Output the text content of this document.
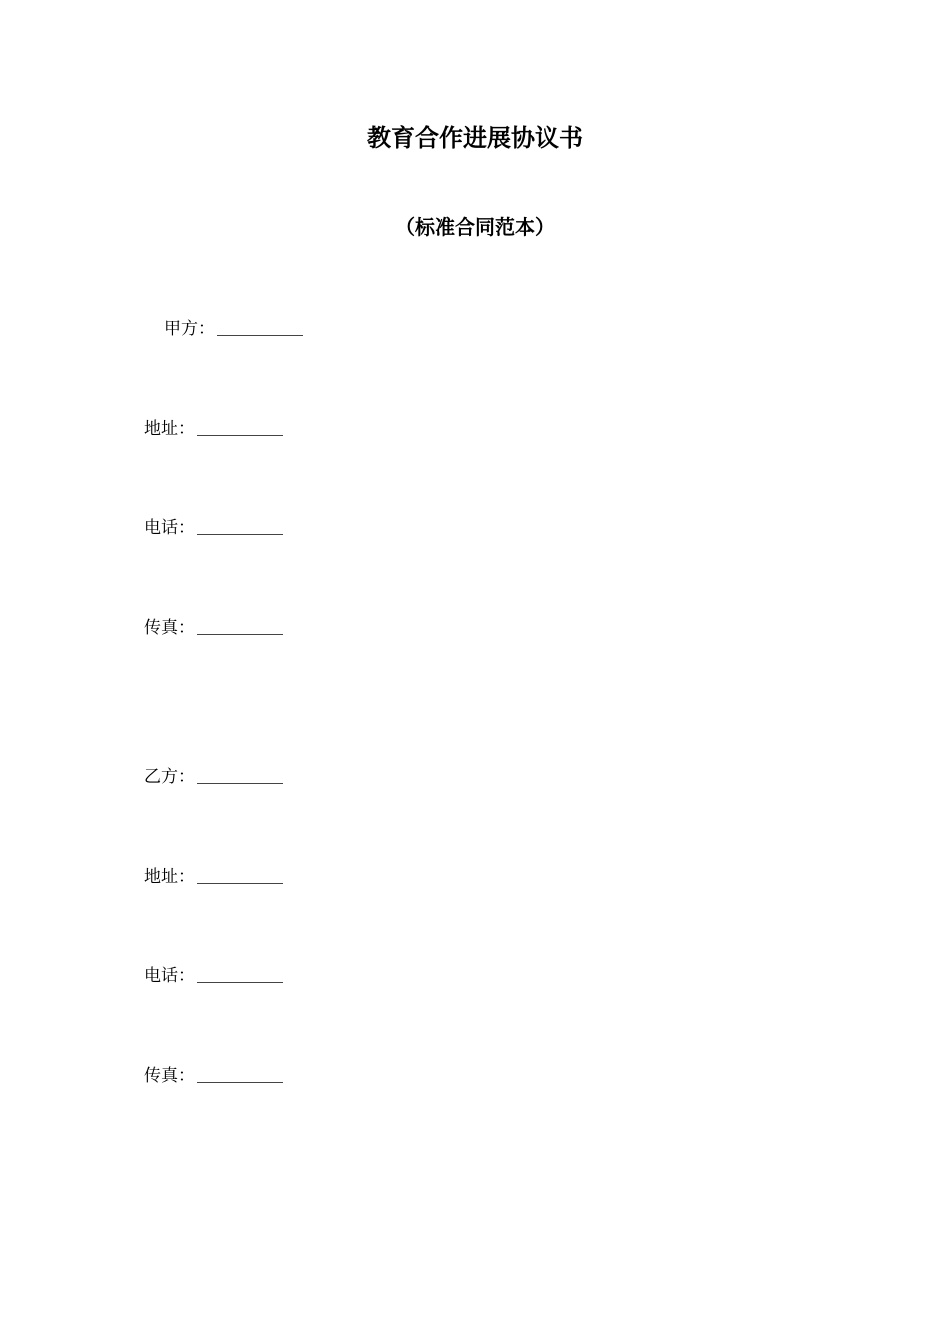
教育合作进展协议书
（标准合同范本）
甲方：
地址：
电话：
传真：
乙方：
地址：
电话：
传真：
